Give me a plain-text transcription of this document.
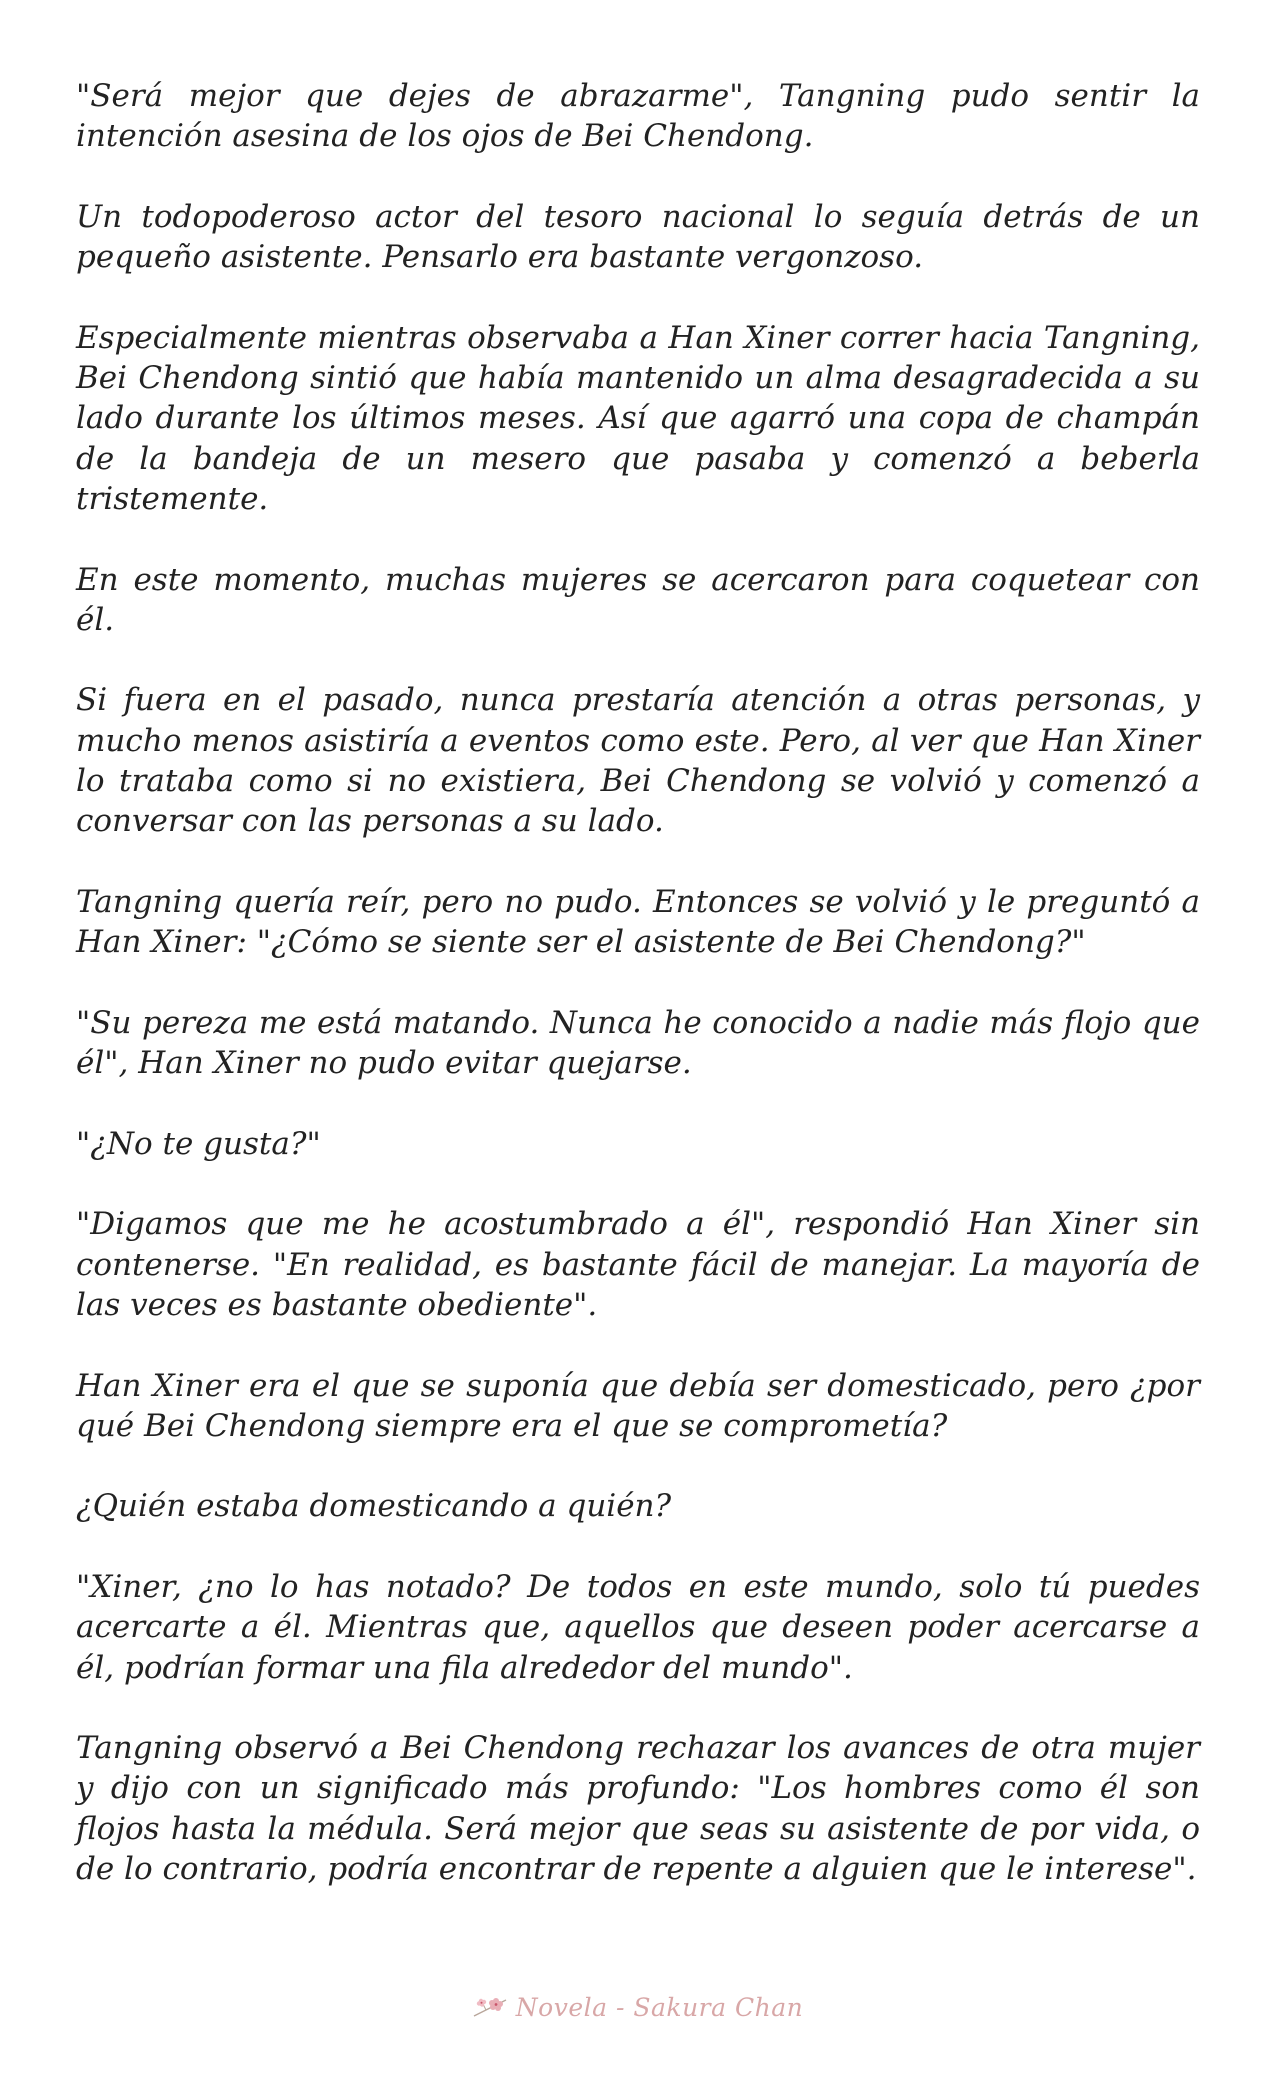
"Será mejor que dejes de abrazarme", Tangning pudo sentir la intención asesina de los ojos de Bei Chendong.

Un todopoderoso actor del tesoro nacional lo seguía detrás de un pequeño asistente. Pensarlo era bastante vergonzoso.

Especialmente mientras observaba a Han Xiner correr hacia Tangning, Bei Chendong sintió que había mantenido un alma desagradecida a su lado durante los últimos meses. Así que agarró una copa de champán de la bandeja de un mesero que pasaba y comenzó a beberla tristemente.

En este momento, muchas mujeres se acercaron para coquetear con él.

Si fuera en el pasado, nunca prestaría atención a otras personas, y mucho menos asistiría a eventos como este. Pero, al ver que Han Xiner lo trataba como si no existiera, Bei Chendong se volvió y comenzó a conversar con las personas a su lado.

Tangning quería reír, pero no pudo. Entonces se volvió y le preguntó a Han Xiner: "¿Cómo se siente ser el asistente de Bei Chendong?"

"Su pereza me está matando. Nunca he conocido a nadie más flojo que él", Han Xiner no pudo evitar quejarse.

"¿No te gusta?"

"Digamos que me he acostumbrado a él", respondió Han Xiner sin contenerse. "En realidad, es bastante fácil de manejar. La mayoría de las veces es bastante obediente".

Han Xiner era el que se suponía que debía ser domesticado, pero ¿por qué Bei Chendong siempre era el que se comprometía?

¿Quién estaba domesticando a quién?

"Xiner, ¿no lo has notado? De todos en este mundo, solo tú puedes acercarte a él. Mientras que, aquellos que deseen poder acercarse a él, podrían formar una fila alrededor del mundo".

Tangning observó a Bei Chendong rechazar los avances de otra mujer y dijo con un significado más profundo: "Los hombres como él son flojos hasta la médula. Será mejor que seas su asistente de por vida, o de lo contrario, podría encontrar de repente a alguien que le interese".

Novela - Sakura Chan
